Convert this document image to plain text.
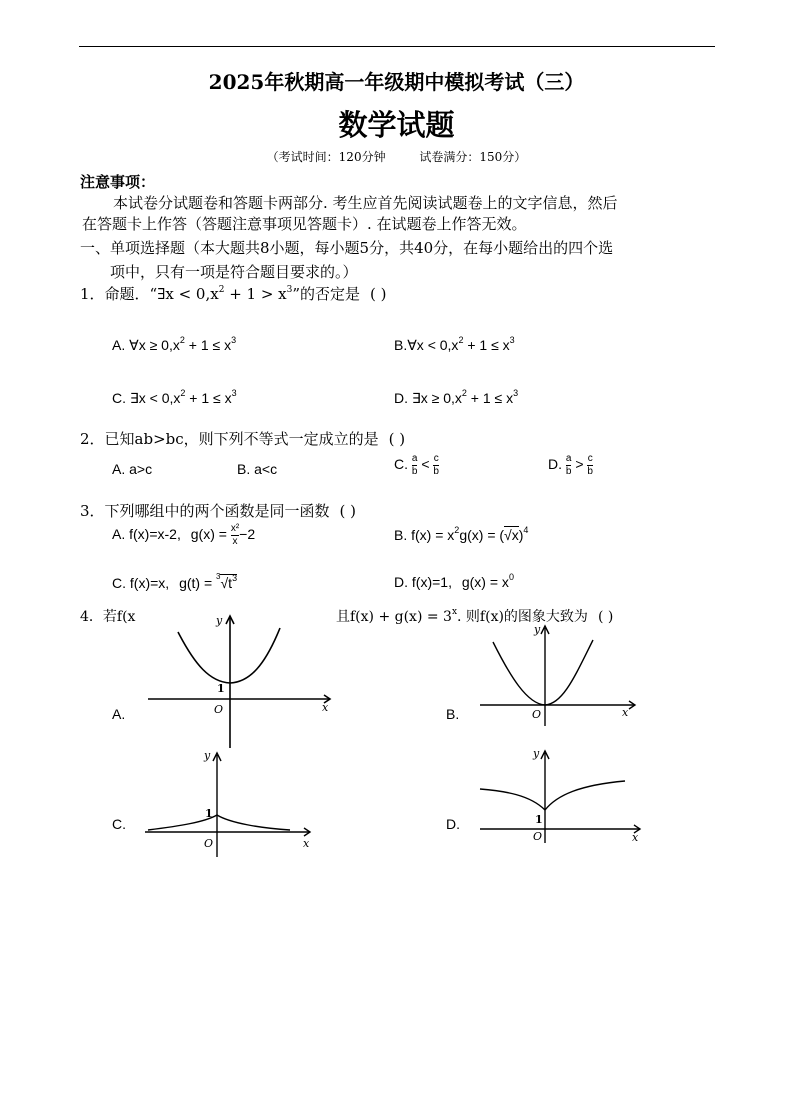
2025年秋期高一年级期中模拟考试（三）
数学试题
（考试时间：120分钟	试卷满分：150分）
注意事项：
本试卷分试题卷和答题卡两部分. 考生应首先阅读试题卷上的文字信息，然后
在答题卡上作答（答题注意事项见答题卡）. 在试题卷上作答无效。
一、单项选择题（本大题共8小题，每小题5分，共40分，在每小题给出的四个选
项中，只有一项是符合题目要求的。）
1．命题．“∃x < $0,x^2 + 1 > x^3$”的否定是 ( )
A. ∀x ≥ $0,x^2 + 1 \le x^3$	B.∀x < $0,x^2 + 1 \le x^3$
C. ∃x < $0,x^2 + 1 \le x^3$	D. ∃x ≥ $0,x^2 + 1 \le x^3$
2．已知ab>bc，则下列不等式一定成立的是 ( )
A. a>c	B. a<c	C. $\frac{a}{b} < \frac{c}{b}$	D. $\frac{a}{b} > \frac{c}{b}$
3．下列哪组中的两个函数是同一函数 ( )
A. f(x)=x-2, $g(x) = \frac{\text{x²}}{x} -2$	B. $f(x) = x^2g(x) = (√x)^4$
C. f(x)=x, $g(t) = ^3√t^3$	D. f(x)=1, $g(x) = x^0$
4．若f(x	且$f(x) + g(x) = 3^x$. 则f(x)的图象大致为 ( )
A.	B.
C.	D.
y
x
O
1
y
x
O
y
x
O
1
y
x
O
1
